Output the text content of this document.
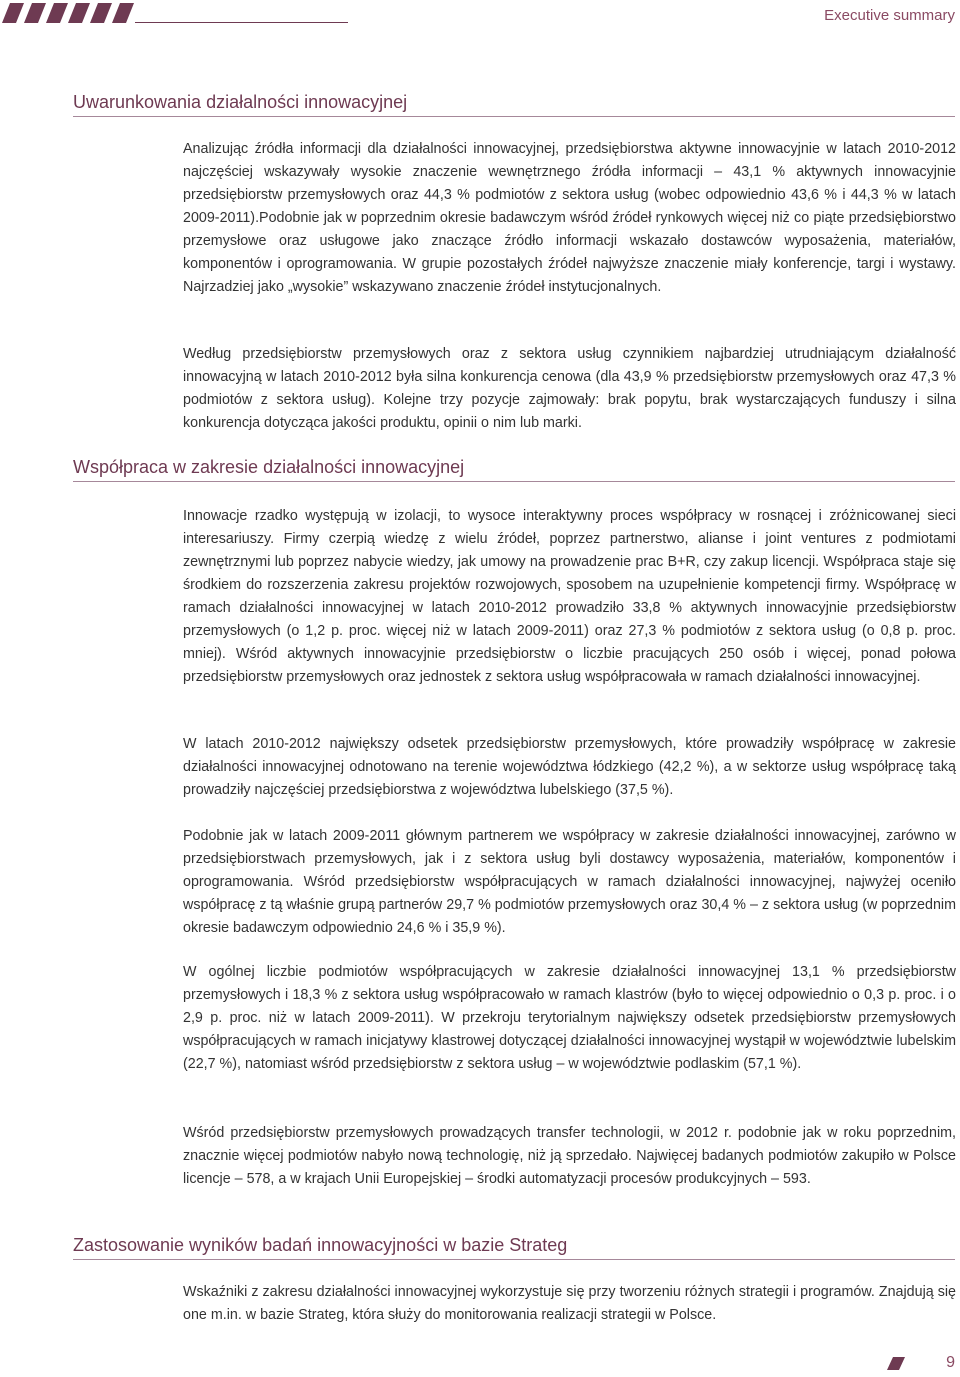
Executive summary
Uwarunkowania działalności innowacyjnej

Analizując źródła informacji dla działalności innowacyjnej, przedsiębiorstwa aktywne innowacyjnie w latach 2010-2012 najczęściej wskazywały wysokie znaczenie wewnętrznego źródła informacji – 43,1 % aktywnych innowacyjnie przedsiębiorstw przemysłowych oraz 44,3 % podmiotów z sektora usług (wobec odpowiednio 43,6 % i 44,3 % w latach 2009-2011).Podobnie jak w poprzednim okresie badawczym wśród źródeł rynkowych więcej niż co piąte przedsiębiorstwo przemysłowe oraz usługowe jako znaczące źródło informacji wskazało dostawców wyposażenia, materiałów, komponentów i oprogramowania. W grupie pozostałych źródeł najwyższe znaczenie miały konferencje, targi i wystawy. Najrzadziej jako „wysokie” wskazywano znaczenie źródeł instytucjonalnych.

Według przedsiębiorstw przemysłowych oraz z sektora usług czynnikiem najbardziej utrudniającym działalność innowacyjną w latach 2010-2012 była silna konkurencja cenowa (dla 43,9 % przedsiębiorstw przemysłowych oraz 47,3 % podmiotów z sektora usług). Kolejne trzy pozycje zajmowały: brak popytu, brak wystarczających funduszy i silna konkurencja dotycząca jakości produktu, opinii o nim lub marki.

Współpraca w zakresie działalności innowacyjnej

Innowacje rzadko występują w izolacji, to wysoce interaktywny proces współpracy w rosnącej i zróżnicowanej sieci interesariuszy. Firmy czerpią wiedzę z wielu źródeł, poprzez partnerstwo, alianse i joint ventures z podmiotami zewnętrznymi lub poprzez nabycie wiedzy, jak umowy na prowadzenie prac B+R, czy zakup licencji. Współpraca staje się środkiem do rozszerzenia zakresu projektów rozwojowych, sposobem na uzupełnienie kompetencji firmy. Współpracę w ramach działalności innowacyjnej w latach 2010-2012 prowadziło 33,8 % aktywnych innowacyjnie przedsiębiorstw przemysłowych (o 1,2 p. proc. więcej niż w latach 2009-2011) oraz 27,3 % podmiotów z sektora usług (o 0,8 p. proc. mniej). Wśród aktywnych innowacyjnie przedsiębiorstw o liczbie pracujących 250 osób i więcej, ponad połowa przedsiębiorstw przemysłowych oraz jednostek z sektora usług współpracowała w ramach działalności innowacyjnej.

W latach 2010-2012 największy odsetek przedsiębiorstw przemysłowych, które prowadziły współpracę w zakresie działalności innowacyjnej odnotowano na terenie województwa łódzkiego (42,2 %), a w sektorze usług współpracę taką prowadziły najczęściej przedsiębiorstwa z województwa lubelskiego (37,5 %).

Podobnie jak w latach 2009-2011 głównym partnerem we współpracy w zakresie działalności innowacyjnej, zarówno w przedsiębiorstwach przemysłowych, jak i z sektora usług byli dostawcy wyposażenia, materiałów, komponentów i oprogramowania. Wśród przedsiębiorstw współpracujących w ramach działalności innowacyjnej, najwyżej oceniło współpracę z tą właśnie grupą partnerów 29,7 % podmiotów przemysłowych oraz 30,4 % – z sektora usług (w poprzednim okresie badawczym odpowiednio 24,6 % i 35,9 %).

W ogólnej liczbie podmiotów współpracujących w zakresie działalności innowacyjnej 13,1 % przedsiębiorstw przemysłowych i 18,3 % z sektora usług współpracowało w ramach klastrów (było to więcej odpowiednio o 0,3 p. proc. i o 2,9 p. proc. niż w latach 2009-2011). W przekroju terytorialnym największy odsetek przedsiębiorstw przemysłowych współpracujących w ramach inicjatywy klastrowej dotyczącej działalności innowacyjnej wystąpił w województwie lubelskim (22,7 %), natomiast wśród przedsiębiorstw z sektora usług – w województwie podlaskim (57,1 %).

Wśród przedsiębiorstw przemysłowych prowadzących transfer technologii, w 2012 r. podobnie jak w roku poprzednim, znacznie więcej podmiotów nabyło nową technologię, niż ją sprzedało. Najwięcej badanych podmiotów zakupiło w Polsce licencje – 578, a w krajach Unii Europejskiej – środki automatyzacji procesów produkcyjnych – 593.

Zastosowanie wyników badań innowacyjności w bazie Strateg

Wskaźniki z zakresu działalności innowacyjnej wykorzystuje się przy tworzeniu różnych strategii i programów. Znajdują się one m.in. w bazie Strateg, która służy do monitorowania realizacji strategii w Polsce.

9
